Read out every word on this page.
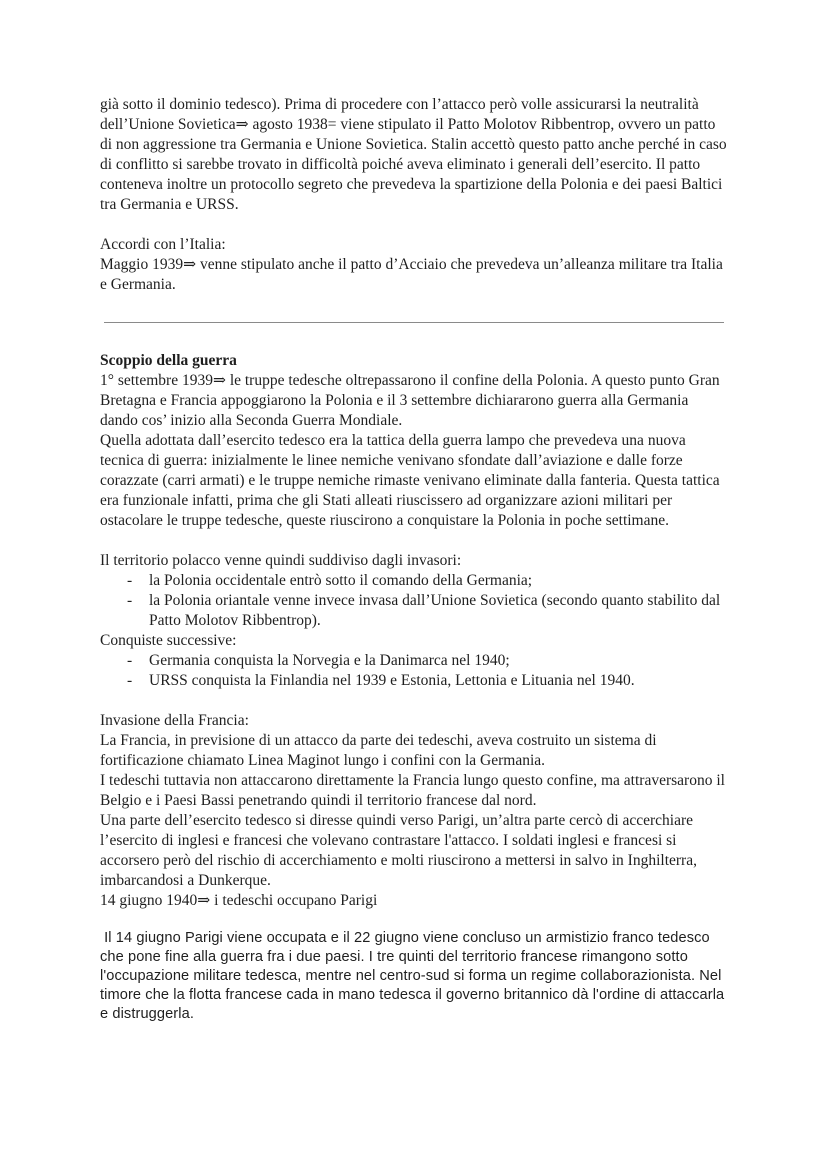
già sotto il dominio tedesco). Prima di procedere con l’attacco però volle assicurarsi la neutralità dell’Unione Sovietica⇒ agosto 1938= viene stipulato il Patto Molotov Ribbentrop, ovvero un patto di non aggressione tra Germania e Unione Sovietica. Stalin accettò questo patto anche perché in caso di conflitto si sarebbe trovato in difficoltà poiché aveva eliminato i generali dell’esercito. Il patto conteneva inoltre un protocollo segreto che prevedeva la spartizione della Polonia e dei paesi Baltici tra Germania e URSS.

Accordi con l’Italia:

Maggio 1939⇒ venne stipulato anche il patto d’Acciaio che prevedeva un’alleanza militare tra Italia e Germania.

Scoppio della guerra

1° settembre 1939⇒ le truppe tedesche oltrepassarono il confine della Polonia. A questo punto Gran Bretagna e Francia appoggiarono la Polonia e il 3 settembre dichiararono guerra alla Germania dando cos’ inizio alla Seconda Guerra Mondiale.

Quella adottata dall’esercito tedesco era la tattica della guerra lampo che prevedeva una nuova tecnica di guerra: inizialmente le linee nemiche venivano sfondate dall’aviazione e dalle forze corazzate (carri armati) e le truppe nemiche rimaste venivano eliminate dalla fanteria. Questa tattica era funzionale infatti, prima che gli Stati alleati riuscissero ad organizzare azioni militari per ostacolare le truppe tedesche, queste riuscirono a conquistare la Polonia in poche settimane.

Il territorio polacco venne quindi suddiviso dagli invasori:

- la Polonia occidentale entrò sotto il comando della Germania;
- la Polonia oriantale venne invece invasa dall’Unione Sovietica (secondo quanto stabilito dal Patto Molotov Ribbentrop).

Conquiste successive:

- Germania conquista la Norvegia e la Danimarca nel 1940;
- URSS conquista la Finlandia nel 1939 e Estonia, Lettonia e Lituania nel 1940.

Invasione della Francia:

La Francia, in previsione di un attacco da parte dei tedeschi, aveva costruito un sistema di fortificazione chiamato Linea Maginot lungo i confini con la Germania.

I tedeschi tuttavia non attaccarono direttamente la Francia lungo questo confine, ma attraversarono il Belgio e i Paesi Bassi penetrando quindi il territorio francese dal nord.

Una parte dell’esercito tedesco si diresse quindi verso Parigi, un’altra parte cercò di accerchiare l’esercito di inglesi e francesi che volevano contrastare l'attacco. I soldati inglesi e francesi si accorsero però del rischio di accerchiamento e molti riuscirono a mettersi in salvo in Inghilterra, imbarcandosi a Dunkerque.

14 giugno 1940⇒ i tedeschi occupano Parigi

Il 14 giugno Parigi viene occupata e il 22 giugno viene concluso un armistizio franco tedesco che pone fine alla guerra fra i due paesi. I tre quinti del territorio francese rimangono sotto l'occupazione militare tedesca, mentre nel centro-sud si forma un regime collaborazionista. Nel timore che la flotta francese cada in mano tedesca il governo britannico dà l'ordine di attaccarla e distruggerla.
